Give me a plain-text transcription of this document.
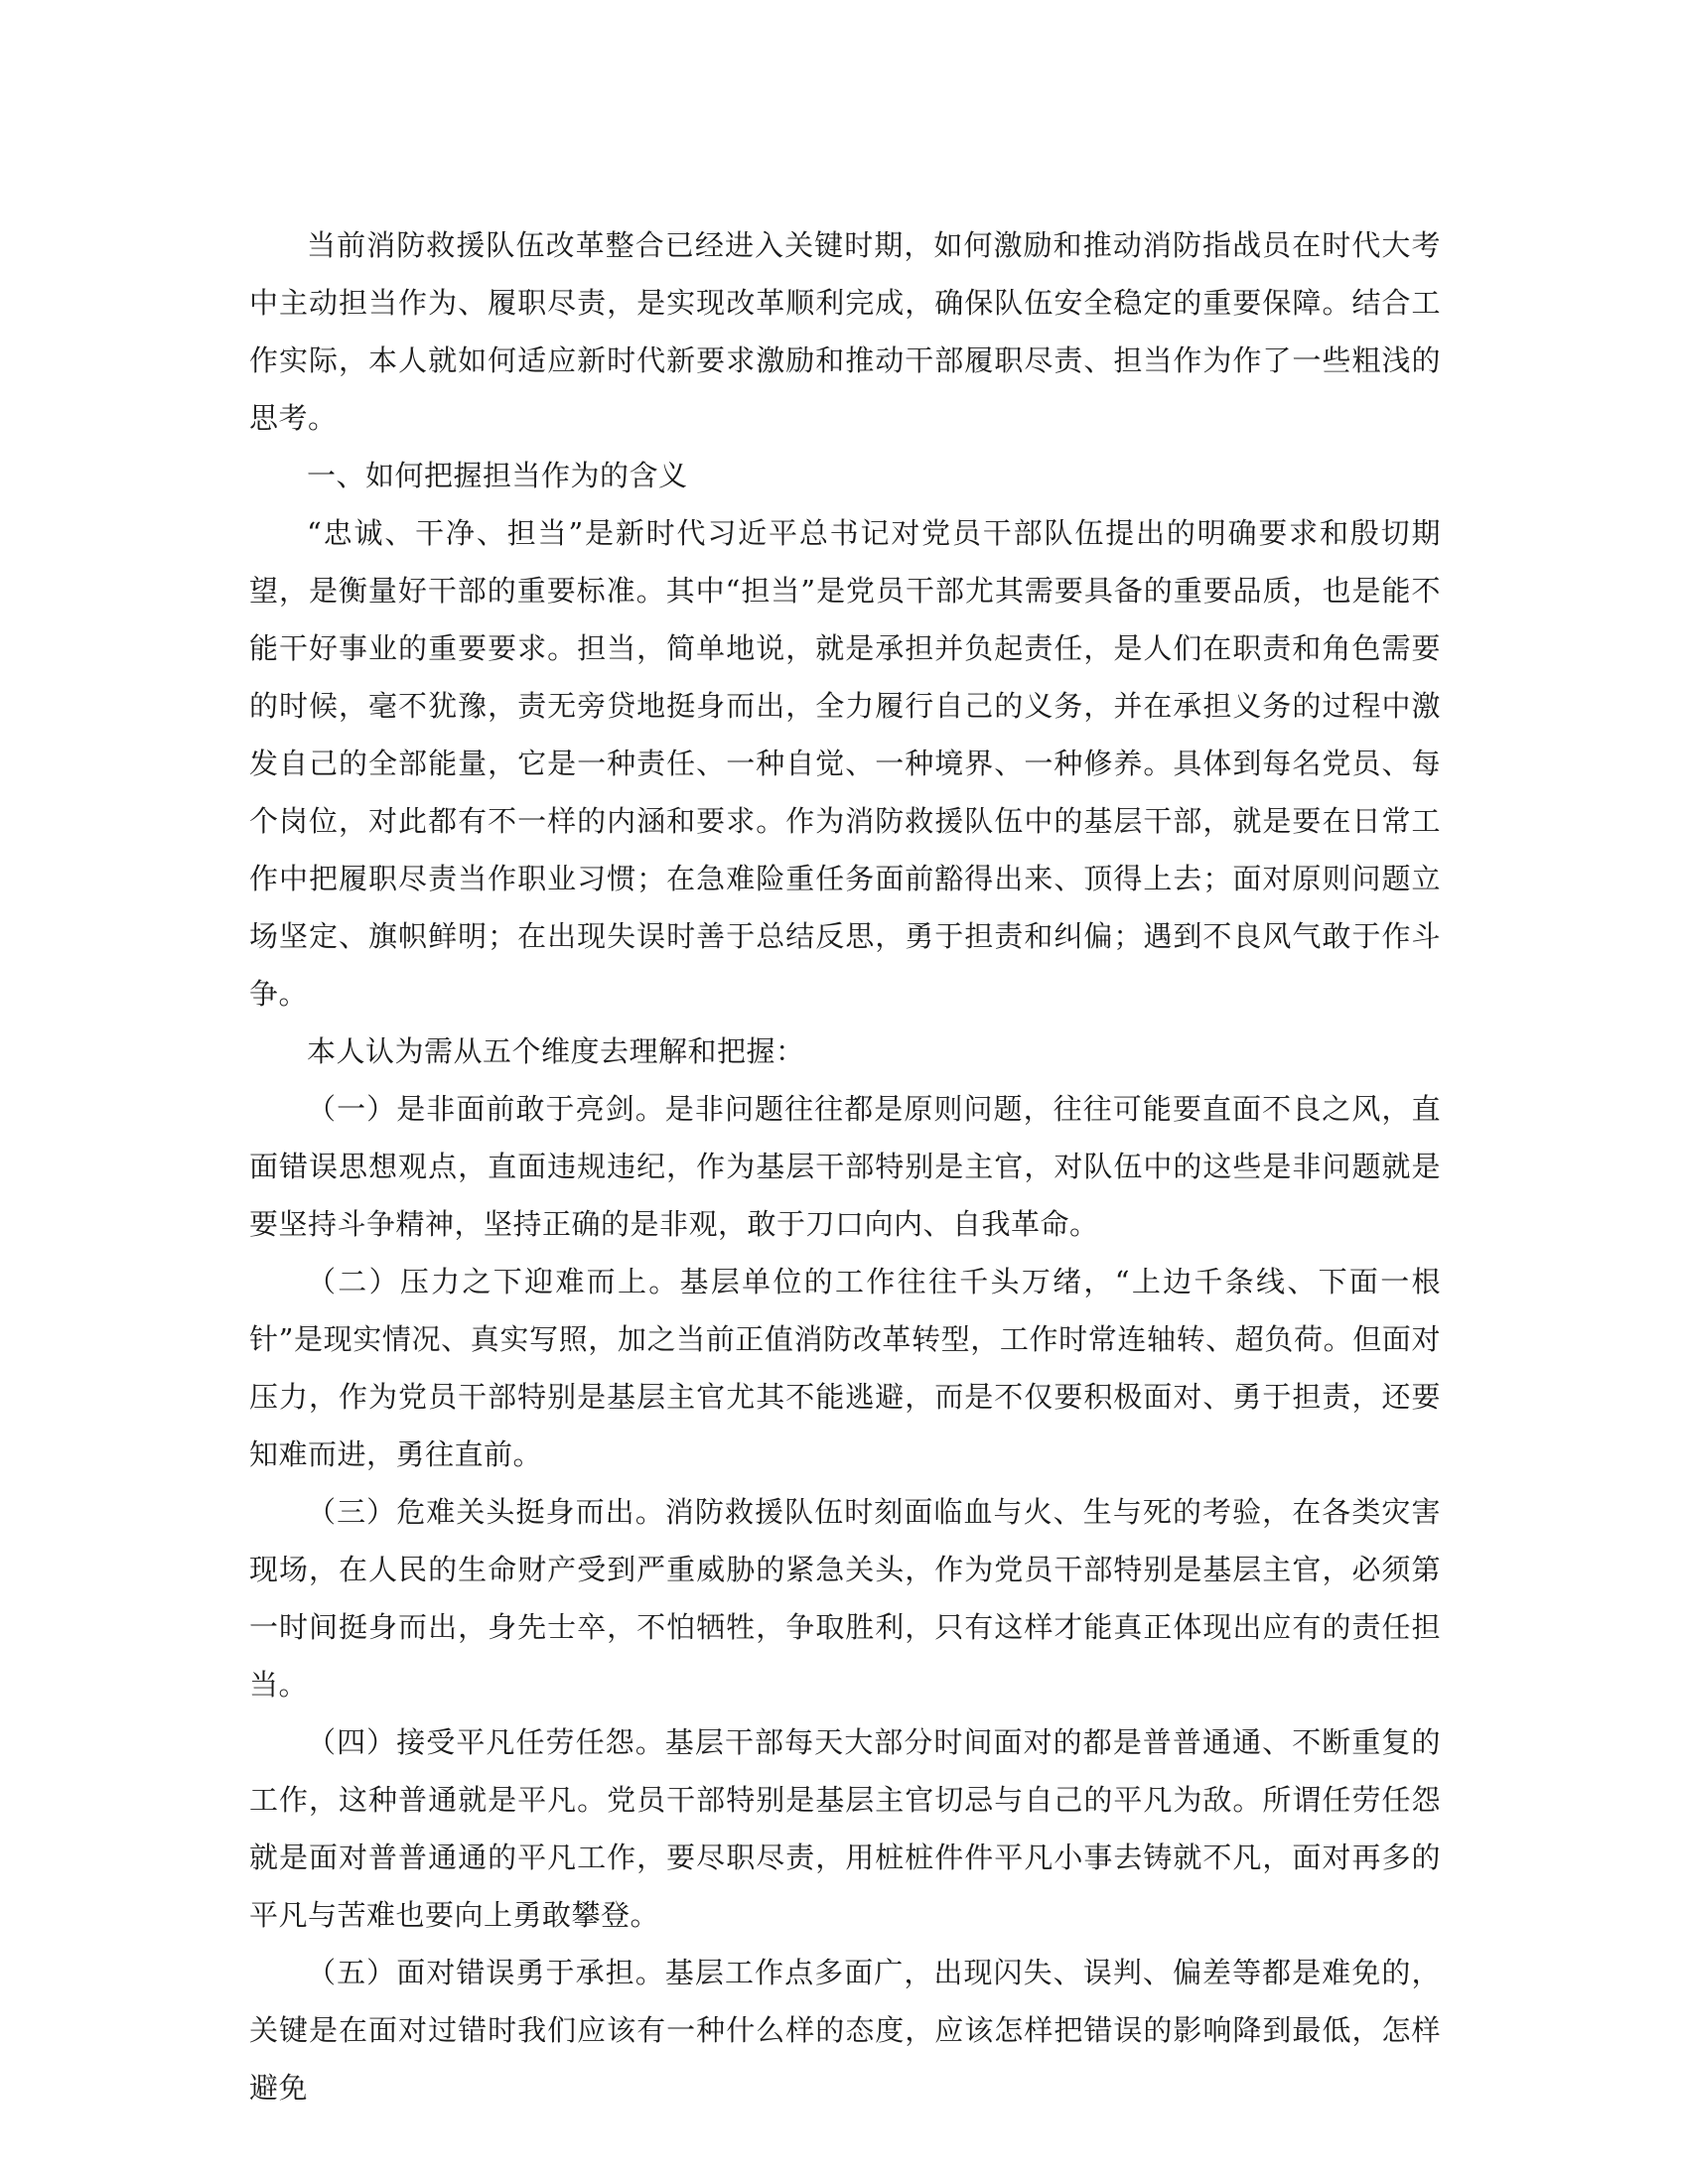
当前消防救援队伍改革整合已经进入关键时期，如何激励和推动消防指战员在时代大考中主动担当作为、履职尽责，是实现改革顺利完成，确保队伍安全稳定的重要保障。结合工作实际，本人就如何适应新时代新要求激励和推动干部履职尽责、担当作为作了一些粗浅的思考。

一、如何把握担当作为的含义

“忠诚、干净、担当”是新时代习近平总书记对党员干部队伍提出的明确要求和殷切期望，是衡量好干部的重要标准。其中“担当”是党员干部尤其需要具备的重要品质，也是能不能干好事业的重要要求。担当，简单地说，就是承担并负起责任，是人们在职责和角色需要的时候，毫不犹豫，责无旁贷地挺身而出，全力履行自己的义务，并在承担义务的过程中激发自己的全部能量，它是一种责任、一种自觉、一种境界、一种修养。具体到每名党员、每个岗位，对此都有不一样的内涵和要求。作为消防救援队伍中的基层干部，就是要在日常工作中把履职尽责当作职业习惯；在急难险重任务面前豁得出来、顶得上去；面对原则问题立场坚定、旗帜鲜明；在出现失误时善于总结反思，勇于担责和纠偏；遇到不良风气敢于作斗争。

本人认为需从五个维度去理解和把握：

（一）是非面前敢于亮剑。是非问题往往都是原则问题，往往可能要直面不良之风，直面错误思想观点，直面违规违纪，作为基层干部特别是主官，对队伍中的这些是非问题就是要坚持斗争精神，坚持正确的是非观，敢于刀口向内、自我革命。

（二）压力之下迎难而上。基层单位的工作往往千头万绪，“上边千条线、下面一根针”是现实情况、真实写照，加之当前正值消防改革转型，工作时常连轴转、超负荷。但面对压力，作为党员干部特别是基层主官尤其不能逃避，而是不仅要积极面对、勇于担责，还要知难而进，勇往直前。

（三）危难关头挺身而出。消防救援队伍时刻面临血与火、生与死的考验，在各类灾害现场，在人民的生命财产受到严重威胁的紧急关头，作为党员干部特别是基层主官，必须第一时间挺身而出，身先士卒，不怕牺牲，争取胜利，只有这样才能真正体现出应有的责任担当。

（四）接受平凡任劳任怨。基层干部每天大部分时间面对的都是普普通通、不断重复的工作，这种普通就是平凡。党员干部特别是基层主官切忌与自己的平凡为敌。所谓任劳任怨就是面对普普通通的平凡工作，要尽职尽责，用桩桩件件平凡小事去铸就不凡，面对再多的平凡与苦难也要向上勇敢攀登。

（五）面对错误勇于承担。基层工作点多面广，出现闪失、误判、偏差等都是难免的，关键是在面对过错时我们应该有一种什么样的态度，应该怎样把错误的影响降到最低，怎样避免
